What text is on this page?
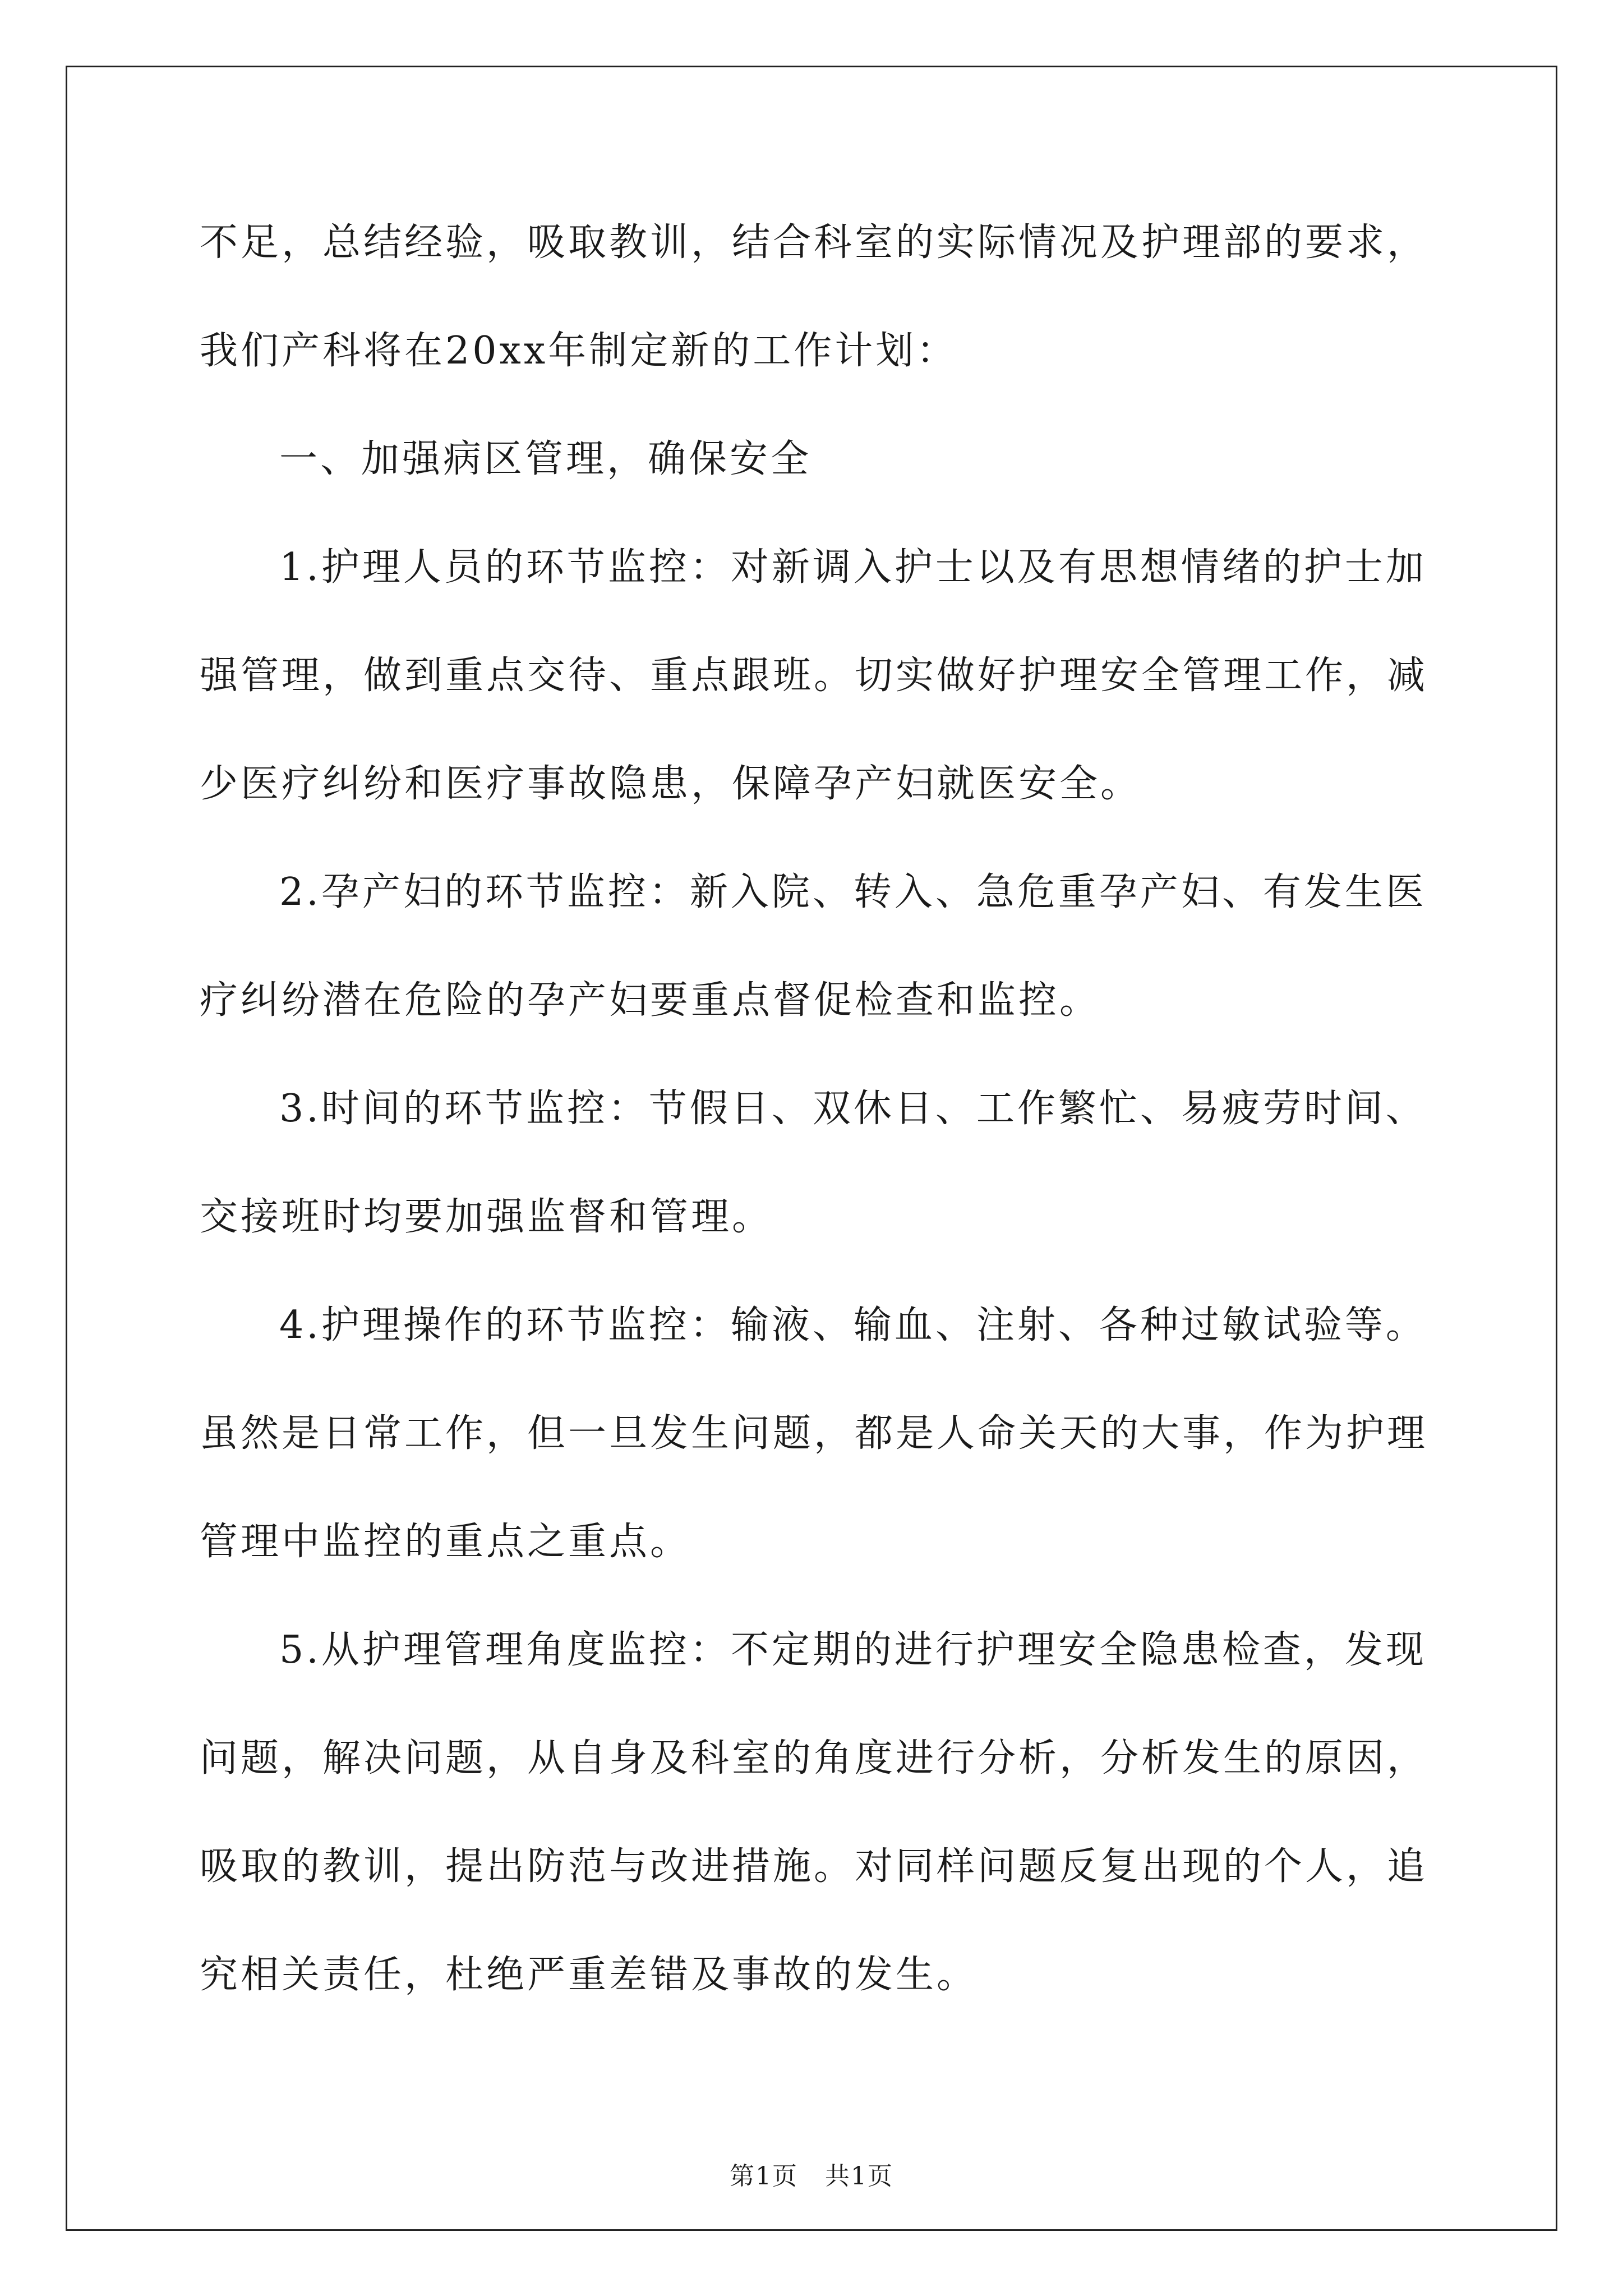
不足，总结经验，吸取教训，结合科室的实际情况及护理部的要求，
我们产科将在20xx年制定新的工作计划：
一、加强病区管理，确保安全
1.护理人员的环节监控：对新调入护士以及有思想情绪的护士加
强管理，做到重点交待、重点跟班。切实做好护理安全管理工作，减
少医疗纠纷和医疗事故隐患，保障孕产妇就医安全。
2.孕产妇的环节监控：新入院、转入、急危重孕产妇、有发生医
疗纠纷潜在危险的孕产妇要重点督促检查和监控。
3.时间的环节监控：节假日、双休日、工作繁忙、易疲劳时间、
交接班时均要加强监督和管理。
4.护理操作的环节监控：输液、输血、注射、各种过敏试验等。
虽然是日常工作，但一旦发生问题，都是人命关天的大事，作为护理
管理中监控的重点之重点。
5.从护理管理角度监控：不定期的进行护理安全隐患检查，发现
问题，解决问题，从自身及科室的角度进行分析，分析发生的原因，
吸取的教训，提出防范与改进措施。对同样问题反复出现的个人，追
究相关责任，杜绝严重差错及事故的发生。
第1页 共1页
